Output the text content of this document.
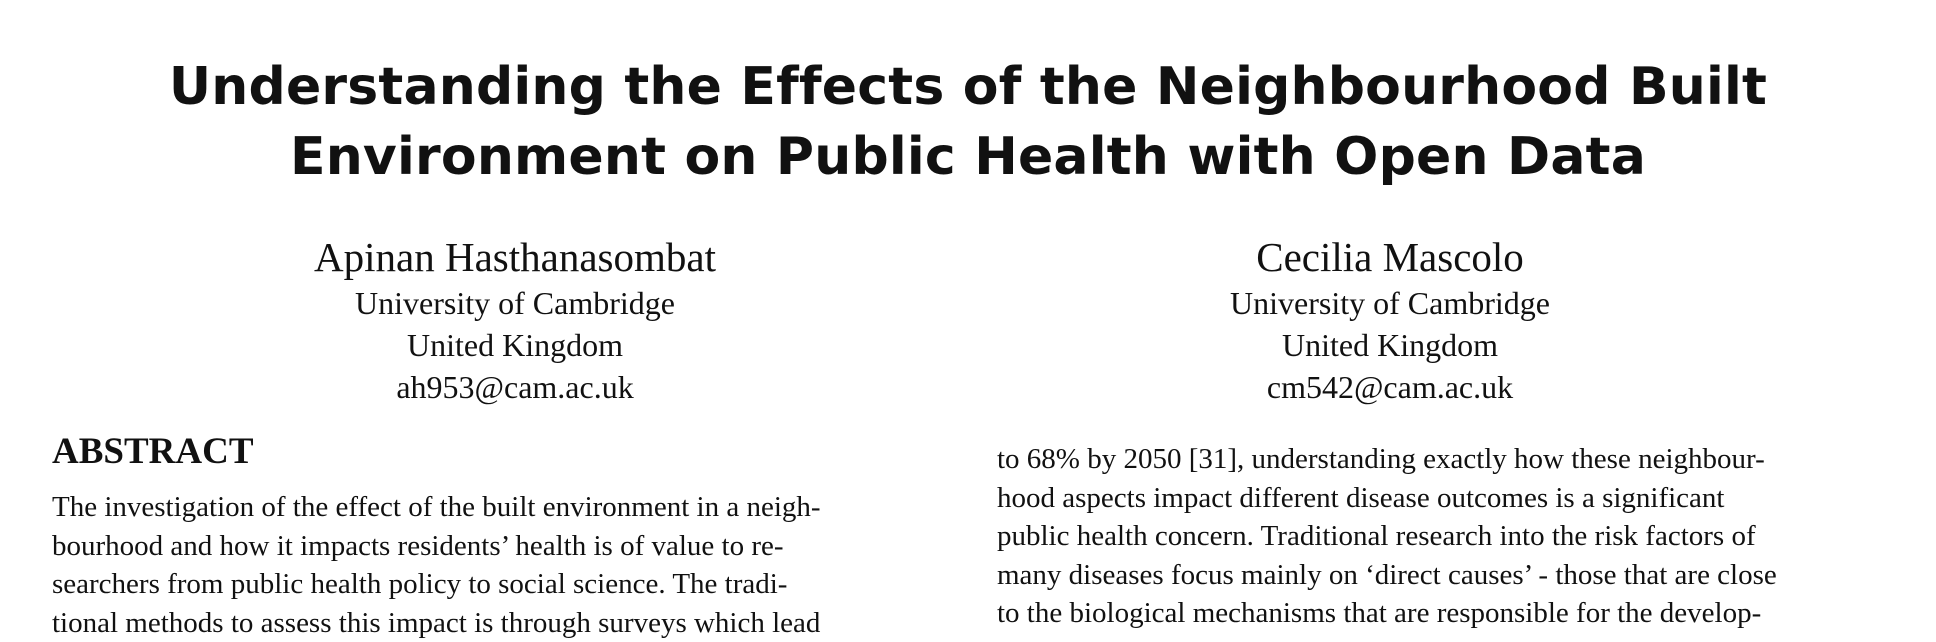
Understanding the Effects of the Neighbourhood Built
Environment on Public Health with Open Data
Apinan Hasthanasombat
University of Cambridge
United Kingdom
ah953@cam.ac.uk
Cecilia Mascolo
University of Cambridge
United Kingdom
cm542@cam.ac.uk
ABSTRACT
The investigation of the effect of the built environment in a neigh-
bourhood and how it impacts residents’ health is of value to re-
searchers from public health policy to social science. The tradi-
tional methods to assess this impact is through surveys which lead
to 68% by 2050 [31], understanding exactly how these neighbour-
hood aspects impact different disease outcomes is a significant
public health concern. Traditional research into the risk factors of
many diseases focus mainly on ‘direct causes’ - those that are close
to the biological mechanisms that are responsible for the develop-
